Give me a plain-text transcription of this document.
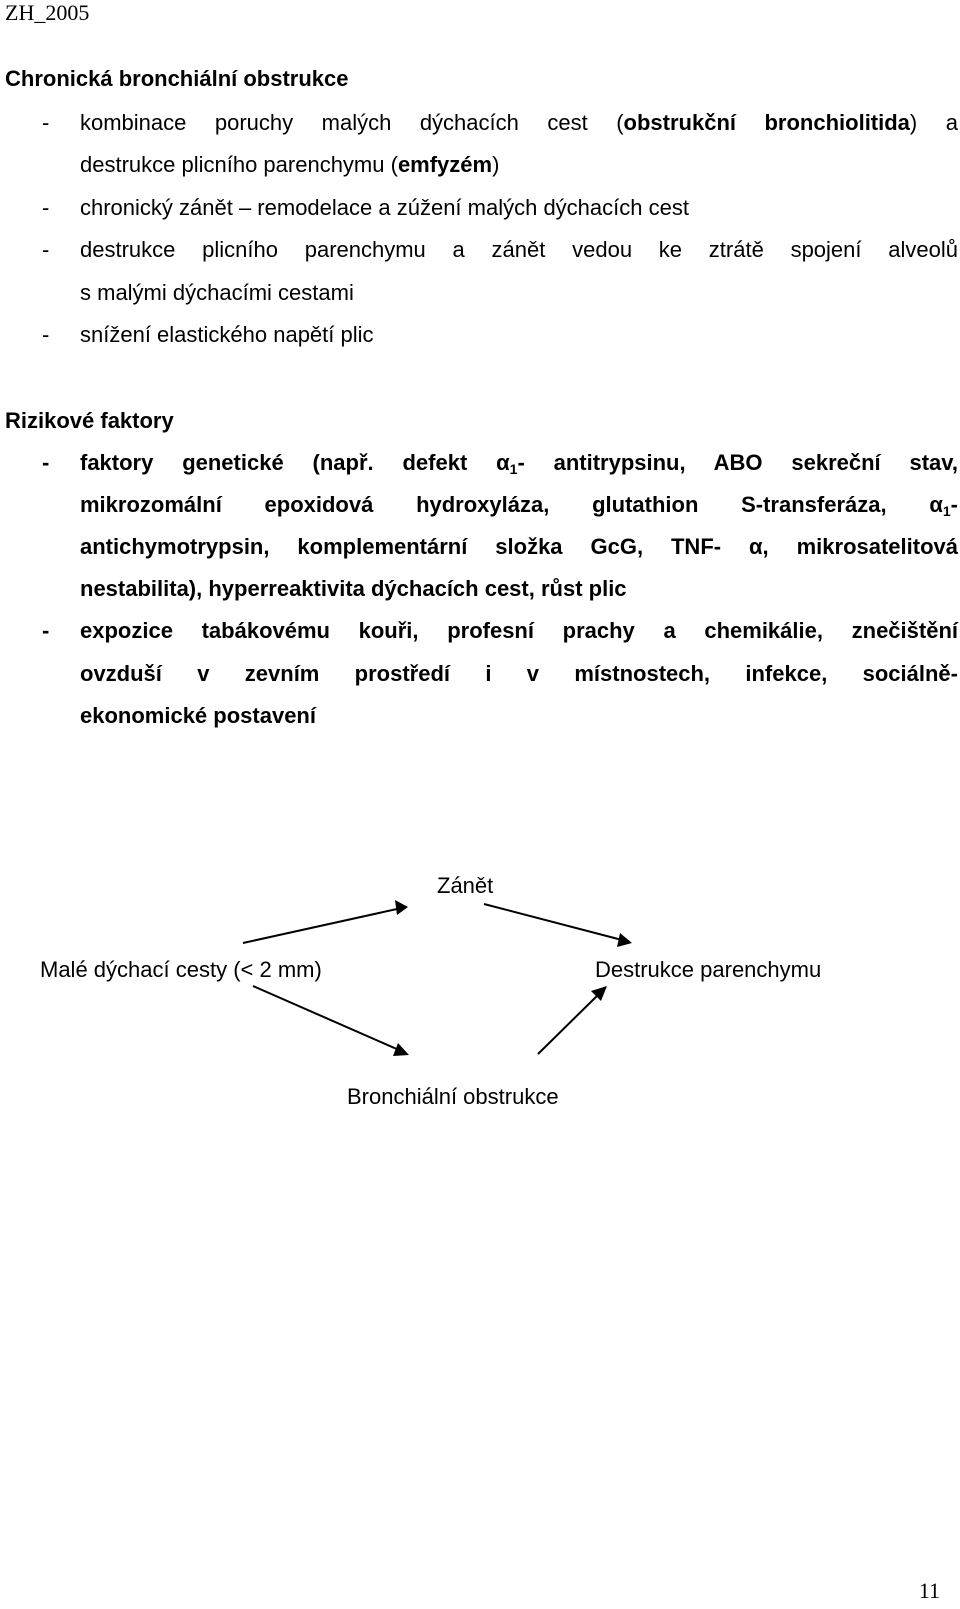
ZH_2005
Chronická bronchiální obstrukce
- kombinace poruchy malých dýchacích cest (obstrukční bronchiolitida) a
destrukce plicního parenchymu (emfyzém)
- chronický zánět – remodelace a zúžení malých dýchacích cest
- destrukce plicního parenchymu a zánět vedou ke ztrátě spojení alveolů
s malými dýchacími cestami
- snížení elastického napětí plic
Rizikové faktory
- faktory genetické (např. defekt $\alpha_1-$ antitrypsinu, ABO sekreční stav,
mikrozomální epoxidová hydroxyláza, glutathion S-transferáza, $\alpha_1-$
antichymotrypsin, komplementární složka GcG, TNF- α, mikrosatelitová
nestabilita), hyperreaktivita dýchacích cest, růst plic
- expozice tabákovému kouři, profesní prachy a chemikálie, znečištění
ovzduší v zevním prostředí i v místnostech, infekce, sociálně-
ekonomické postavení
Zánět
Malé dýchací cesty (< 2 mm)	Destrukce parenchymu
Bronchiální obstrukce
11
